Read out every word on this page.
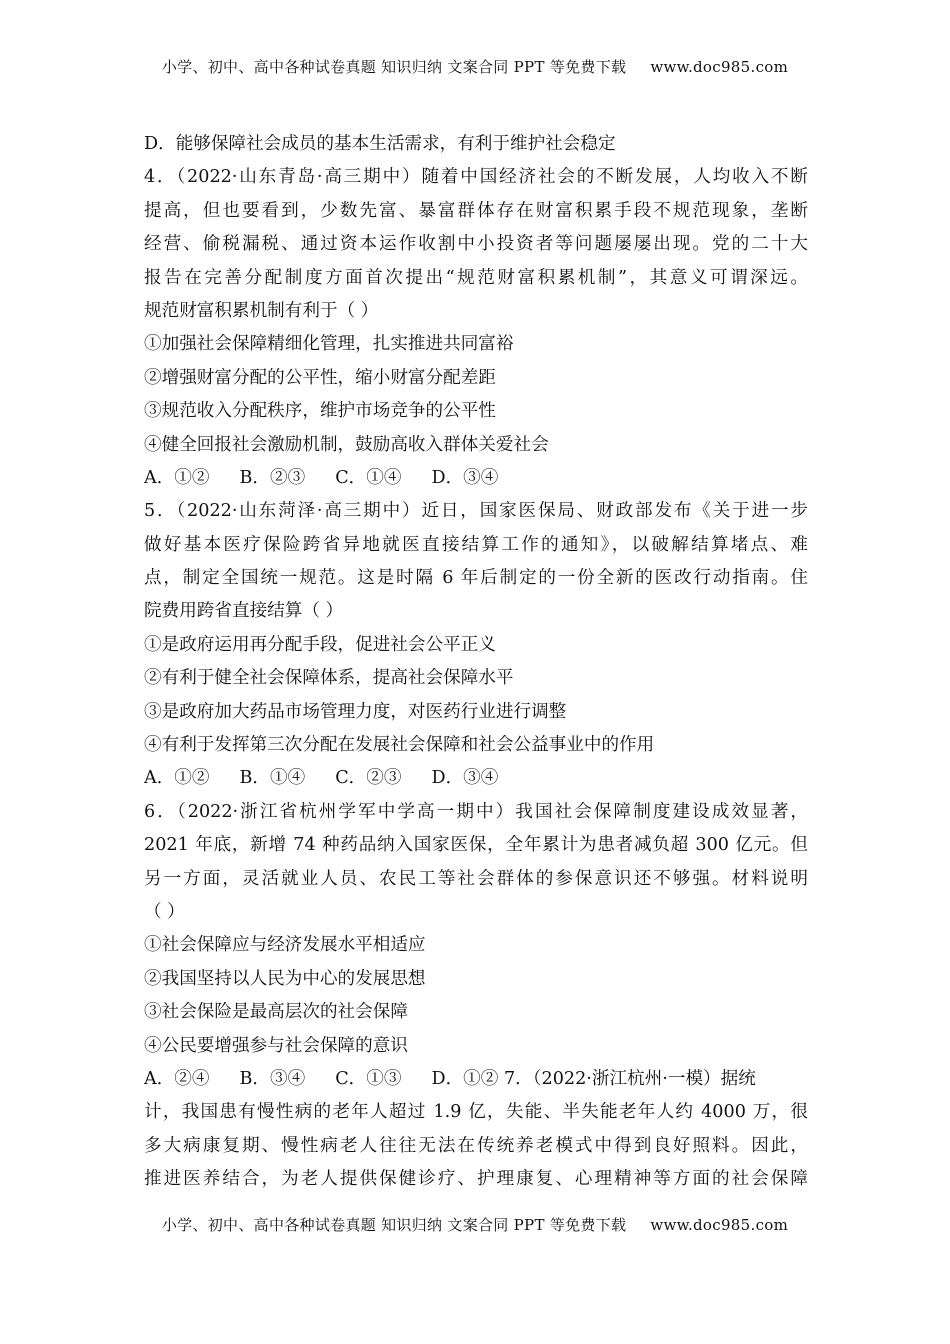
小学、初中、高中各种试卷真题 知识归纳 文案合同 PPT 等免费下载 www.doc985.com
D．能够保障社会成员的基本生活需求，有利于维护社会稳定
4．（2022·山东青岛·高三期中）随着中国经济社会的不断发展，人均收入不断
提高，但也要看到，少数先富、暴富群体存在财富积累手段不规范现象，垄断
经营、偷税漏税、通过资本运作收割中小投资者等问题屡屡出现。党的二十大
报告在完善分配制度方面首次提出“规范财富积累机制”，其意义可谓深远。
规范财富积累机制有利于（ ）
①加强社会保障精细化管理，扎实推进共同富裕
②增强财富分配的公平性，缩小财富分配差距
③规范收入分配秩序，维护市场竞争的公平性
④健全回报社会激励机制，鼓励高收入群体关爱社会
A．①② B．②③ C．①④ D．③④
5．（2022·山东菏泽·高三期中）近日，国家医保局、财政部发布《关于进一步
做好基本医疗保险跨省异地就医直接结算工作的通知》，以破解结算堵点、难
点，制定全国统一规范。这是时隔 6 年后制定的一份全新的医改行动指南。住
院费用跨省直接结算（ ）
①是政府运用再分配手段，促进社会公平正义
②有利于健全社会保障体系，提高社会保障水平
③是政府加大药品市场管理力度，对医药行业进行调整
④有利于发挥第三次分配在发展社会保障和社会公益事业中的作用
A．①② B．①④ C．②③ D．③④
6．（2022·浙江省杭州学军中学高一期中）我国社会保障制度建设成效显著，
2021 年底，新增 74 种药品纳入国家医保，全年累计为患者减负超 300 亿元。但
另一方面，灵活就业人员、农民工等社会群体的参保意识还不够强。材料说明
（ ）
①社会保障应与经济发展水平相适应
②我国坚持以人民为中心的发展思想
③社会保险是最高层次的社会保障
④公民要增强参与社会保障的意识
A．②④ B．③④ C．①③ D．①② 7．（2022·浙江杭州·一模）据统
计，我国患有慢性病的老年人超过 1.9 亿，失能、半失能老年人约 4000 万，很
多大病康复期、慢性病老人往往无法在传统养老模式中得到良好照料。因此，
推进医养结合，为老人提供保健诊疗、护理康复、心理精神等方面的社会保障
小学、初中、高中各种试卷真题 知识归纳 文案合同 PPT 等免费下载 www.doc985.com
